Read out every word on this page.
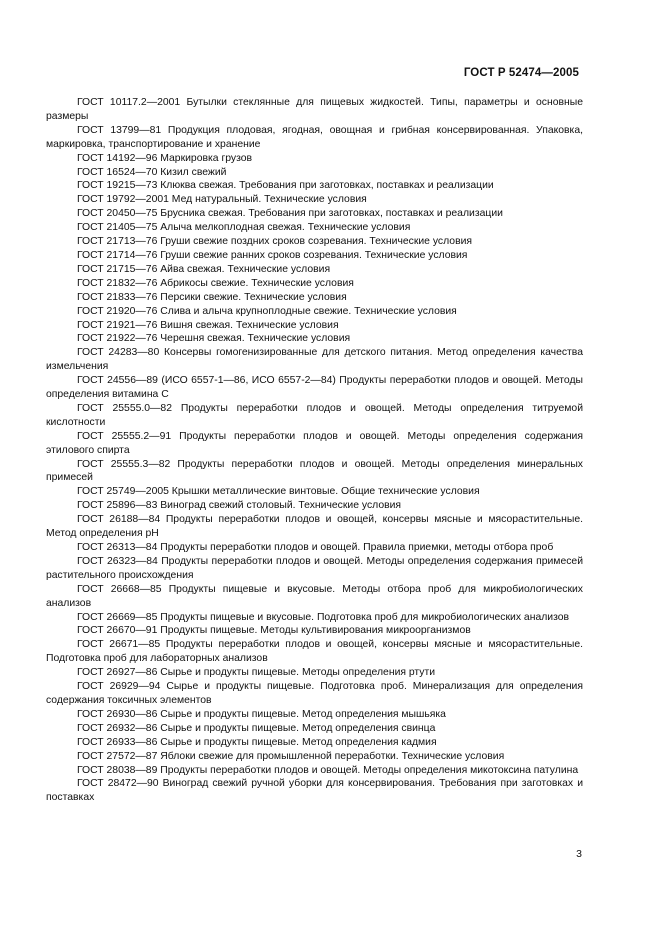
ГОСТ Р 52474—2005

ГОСТ 10117.2—2001 Бутылки стеклянные для пищевых жидкостей. Типы, параметры и основные размеры

ГОСТ 13799—81 Продукция плодовая, ягодная, овощная и грибная консервированная. Упаковка, маркировка, транспортирование и хранение

ГОСТ 14192—96 Маркировка грузов

ГОСТ 16524—70 Кизил свежий

ГОСТ 19215—73 Клюква свежая. Требования при заготовках, поставках и реализации

ГОСТ 19792—2001 Мед натуральный. Технические условия

ГОСТ 20450—75 Брусника свежая. Требования при заготовках, поставках и реализации

ГОСТ 21405—75 Алыча мелкоплодная свежая. Технические условия

ГОСТ 21713—76 Груши свежие поздних сроков созревания. Технические условия

ГОСТ 21714—76 Груши свежие ранних сроков созревания. Технические условия

ГОСТ 21715—76 Айва свежая. Технические условия

ГОСТ 21832—76 Абрикосы свежие. Технические условия

ГОСТ 21833—76 Персики свежие. Технические условия

ГОСТ 21920—76 Слива и алыча крупноплодные свежие. Технические условия

ГОСТ 21921—76 Вишня свежая. Технические условия

ГОСТ 21922—76 Черешня свежая. Технические условия

ГОСТ 24283—80 Консервы гомогенизированные для детского питания. Метод определения качества измельчения

ГОСТ 24556—89 (ИСО 6557-1—86, ИСО 6557-2—84) Продукты переработки плодов и овощей. Методы определения витамина С

ГОСТ 25555.0—82 Продукты переработки плодов и овощей. Методы определения титруемой кислотности

ГОСТ 25555.2—91 Продукты переработки плодов и овощей. Методы определения содержания этилового спирта

ГОСТ 25555.3—82 Продукты переработки плодов и овощей. Методы определения минеральных примесей

ГОСТ 25749—2005 Крышки металлические винтовые. Общие технические условия

ГОСТ 25896—83 Виноград свежий столовый. Технические условия

ГОСТ 26188—84 Продукты переработки плодов и овощей, консервы мясные и мясорастительные. Метод определения pH

ГОСТ 26313—84 Продукты переработки плодов и овощей. Правила приемки, методы отбора проб

ГОСТ 26323—84 Продукты переработки плодов и овощей. Методы определения содержания примесей растительного происхождения

ГОСТ 26668—85 Продукты пищевые и вкусовые. Методы отбора проб для микробиологических анализов

ГОСТ 26669—85 Продукты пищевые и вкусовые. Подготовка проб для микробиологических анализов

ГОСТ 26670—91 Продукты пищевые. Методы культивирования микроорганизмов

ГОСТ 26671—85 Продукты переработки плодов и овощей, консервы мясные и мясорастительные. Подготовка проб для лабораторных анализов

ГОСТ 26927—86 Сырье и продукты пищевые. Методы определения ртути

ГОСТ 26929—94 Сырье и продукты пищевые. Подготовка проб. Минерализация для определения содержания токсичных элементов

ГОСТ 26930—86 Сырье и продукты пищевые. Метод определения мышьяка

ГОСТ 26932—86 Сырье и продукты пищевые. Метод определения свинца

ГОСТ 26933—86 Сырье и продукты пищевые. Метод определения кадмия

ГОСТ 27572—87 Яблоки свежие для промышленной переработки. Технические условия

ГОСТ 28038—89 Продукты переработки плодов и овощей. Методы определения микотоксина патулина

ГОСТ 28472—90 Виноград свежий ручной уборки для консервирования. Требования при заготовках и поставках

3
